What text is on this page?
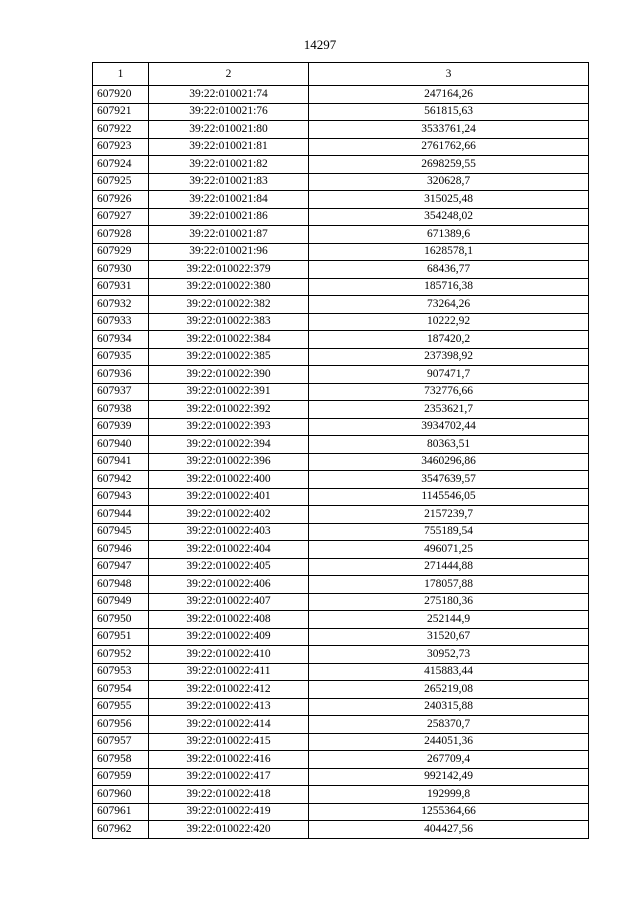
14297
1	2	3
607920	39:22:010021:74	247164,26
607921	39:22:010021:76	561815,63
607922	39:22:010021:80	3533761,24
607923	39:22:010021:81	2761762,66
607924	39:22:010021:82	2698259,55
607925	39:22:010021:83	320628,7
607926	39:22:010021:84	315025,48
607927	39:22:010021:86	354248,02
607928	39:22:010021:87	671389,6
607929	39:22:010021:96	1628578,1
607930	39:22:010022:379	68436,77
607931	39:22:010022:380	185716,38
607932	39:22:010022:382	73264,26
607933	39:22:010022:383	10222,92
607934	39:22:010022:384	187420,2
607935	39:22:010022:385	237398,92
607936	39:22:010022:390	907471,7
607937	39:22:010022:391	732776,66
607938	39:22:010022:392	2353621,7
607939	39:22:010022:393	3934702,44
607940	39:22:010022:394	80363,51
607941	39:22:010022:396	3460296,86
607942	39:22:010022:400	3547639,57
607943	39:22:010022:401	1145546,05
607944	39:22:010022:402	2157239,7
607945	39:22:010022:403	755189,54
607946	39:22:010022:404	496071,25
607947	39:22:010022:405	271444,88
607948	39:22:010022:406	178057,88
607949	39:22:010022:407	275180,36
607950	39:22:010022:408	252144,9
607951	39:22:010022:409	31520,67
607952	39:22:010022:410	30952,73
607953	39:22:010022:411	415883,44
607954	39:22:010022:412	265219,08
607955	39:22:010022:413	240315,88
607956	39:22:010022:414	258370,7
607957	39:22:010022:415	244051,36
607958	39:22:010022:416	267709,4
607959	39:22:010022:417	992142,49
607960	39:22:010022:418	192999,8
607961	39:22:010022:419	1255364,66
607962	39:22:010022:420	404427,56
